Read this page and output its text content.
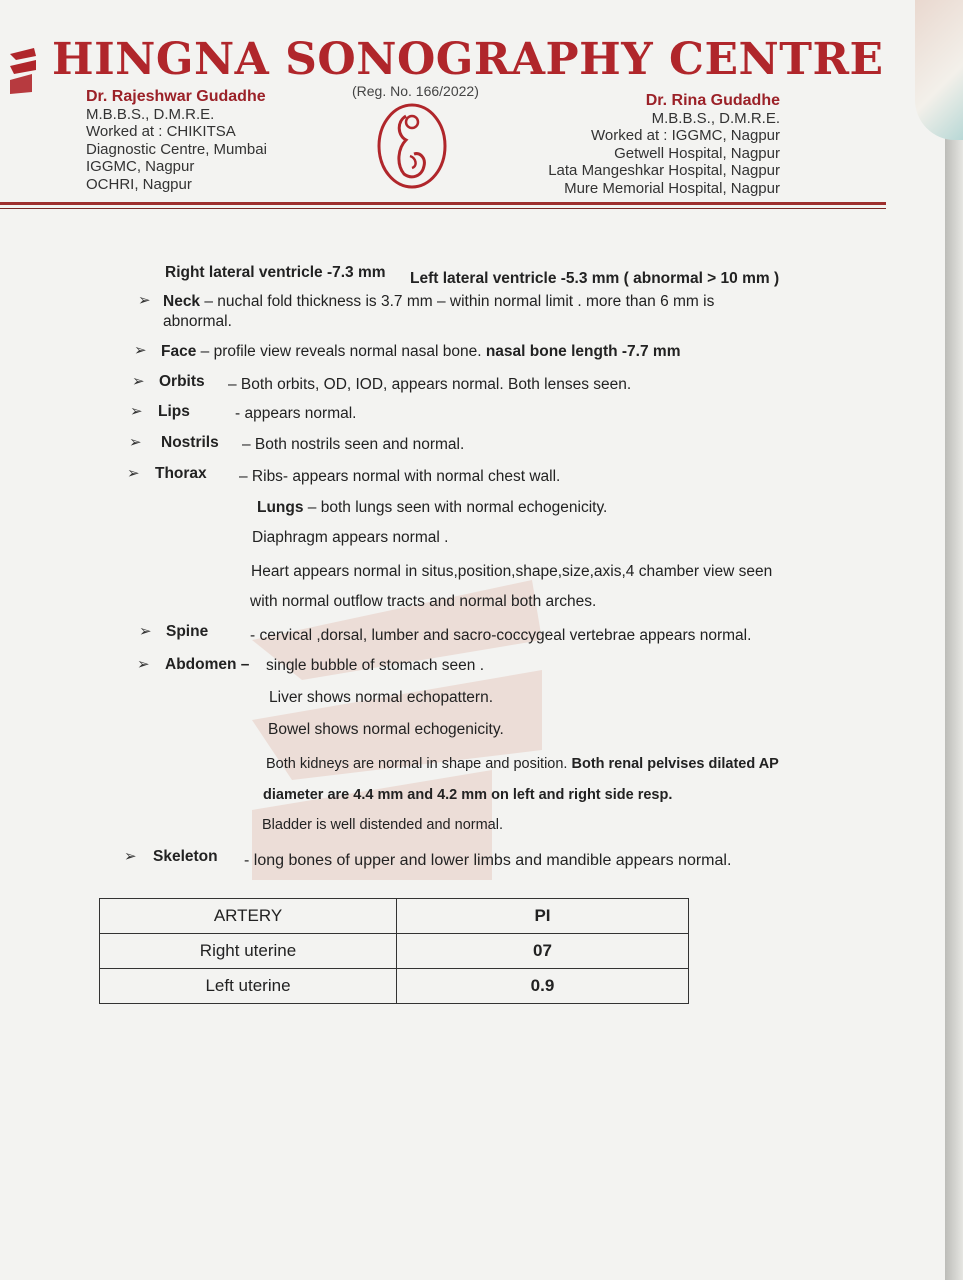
HINGNA SONOGRAPHY CENTRE
(Reg. No. 166/2022)
Dr. Rajeshwar Gudadhe
M.B.B.S., D.M.R.E.
Worked at : CHIKITSA
Diagnostic Centre, Mumbai
IGGMC, Nagpur
OCHRI, Nagpur
Dr. Rina Gudadhe
M.B.B.S., D.M.R.E.
Worked at : IGGMC, Nagpur
Getwell Hospital, Nagpur
Lata Mangeshkar Hospital, Nagpur
Mure Memorial Hospital, Nagpur
Right lateral ventricle -7.3 mm Left lateral ventricle -5.3 mm ( abnormal > 10 mm )
➢ Neck – nuchal fold thickness is 3.7 mm – within normal limit . more than 6 mm is
abnormal.
➢ Face – profile view reveals normal nasal bone. nasal bone length -7.7 mm
➢ Orbits – Both orbits, OD, IOD, appears normal. Both lenses seen.
➢ Lips	- appears normal.
➢ Nostrils – Both nostrils seen and normal.
➢ Thorax – Ribs- appears normal with normal chest wall.
Lungs – both lungs seen with normal echogenicity.
Diaphragm appears normal .
Heart appears normal in situs,position,shape,size,axis,4 chamber view seen
with normal outflow tracts and normal both arches.
➢ Spine	- cervical ,dorsal, lumber and sacro-coccygeal vertebrae appears normal.
➢ Abdomen – single bubble of stomach seen .
Liver shows normal echopattern.
Bowel shows normal echogenicity.
Both kidneys are normal in shape and position. Both renal pelvises dilated AP
diameter are 4.4 mm and 4.2 mm on left and right side resp.
Bladder is well distended and normal.
➢ Skeleton - long bones of upper and lower limbs and mandible appears normal.
ARTERY	PI
Right uterine	07
Left uterine	0.9
